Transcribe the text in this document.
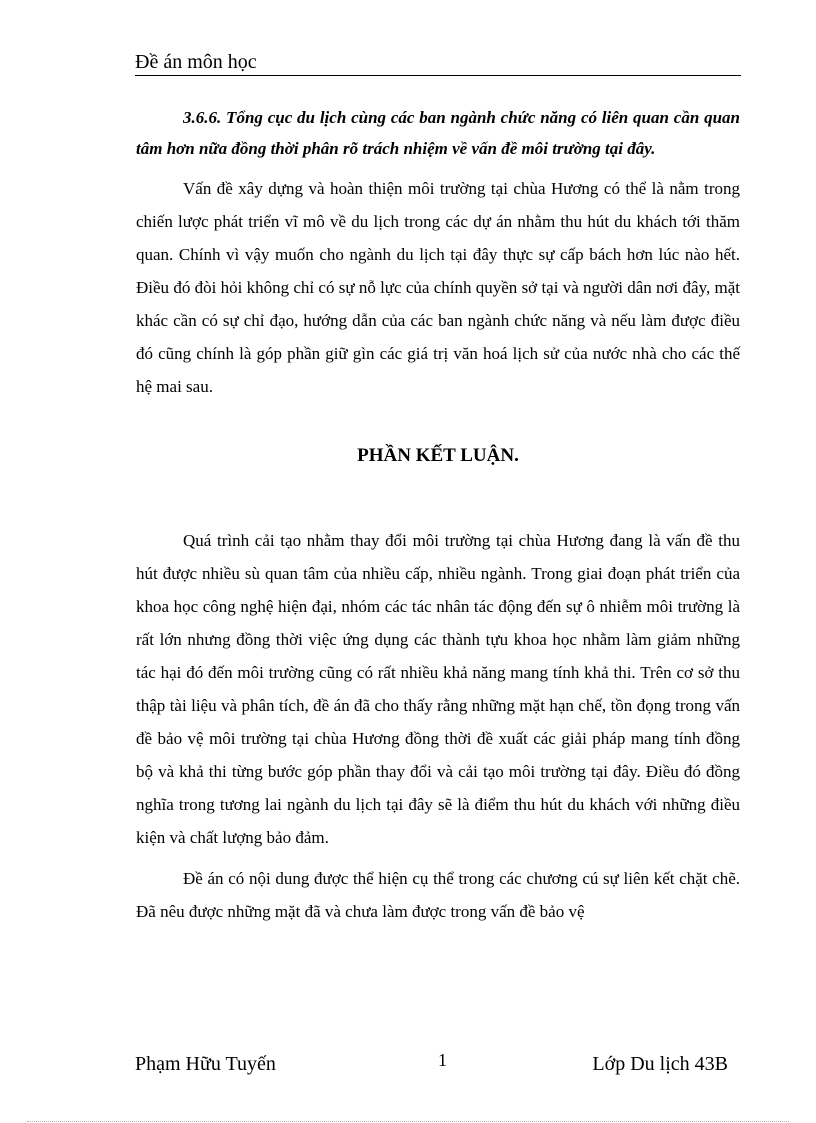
Đề án môn học

3.6.6. Tổng cục du lịch cùng các ban ngành chức năng có liên quan cần quan tâm hơn nữa đồng thời phân rõ trách nhiệm về vấn đề môi trường tại đây.

Vấn đề xây dựng và hoàn thiện môi trường tại chùa Hương có thể là nằm trong chiến lược phát triển vĩ mô về du lịch trong các dự án nhằm thu hút du khách tới thăm quan. Chính vì vậy muốn cho ngành du lịch tại đây thực sự cấp bách hơn lúc nào hết. Điều đó đòi hỏi không chỉ có sự nỗ lực của chính quyền sở tại và người dân nơi đây, mặt khác cần có sự chỉ đạo, hướng dẫn của các ban ngành chức năng và nếu làm được điều đó cũng chính là góp phần giữ gìn các giá trị văn hoá lịch sử của nước nhà cho các thế hệ mai sau.

PHẦN KẾT LUẬN.

Quá trình cải tạo nhằm thay đổi môi trường tại chùa Hương đang là vấn đề thu hút được nhiều sù quan tâm của nhiều cấp, nhiều ngành. Trong giai đoạn phát triển của khoa học công nghệ hiện đại, nhóm các tác nhân tác động đến sự ô nhiễm môi trường là rất lớn nhưng đồng thời việc ứng dụng các thành tựu khoa học nhằm làm giảm những tác hại đó đến môi trường cũng có rất nhiều khả năng mang tính khả thi. Trên cơ sở thu thập tài liệu và phân tích, đề án đã cho thấy rằng những mặt hạn chế, tồn đọng trong vấn đề bảo vệ môi trường tại chùa Hương đồng thời đề xuất các giải pháp mang tính đồng bộ và khả thi từng bước góp phần thay đổi và cải tạo môi trường tại đây. Điều đó đồng nghĩa trong tương lai ngành du lịch tại đây sẽ là điểm thu hút du khách với những điều kiện và chất lượng bảo đảm.

Đề án có nội dung được thể hiện cụ thể trong các chương cú sự liên kết chặt chẽ. Đã nêu được những mặt đã và chưa làm được trong vấn đề bảo vệ

Phạm Hữu Tuyến	1	Lớp Du lịch 43B
